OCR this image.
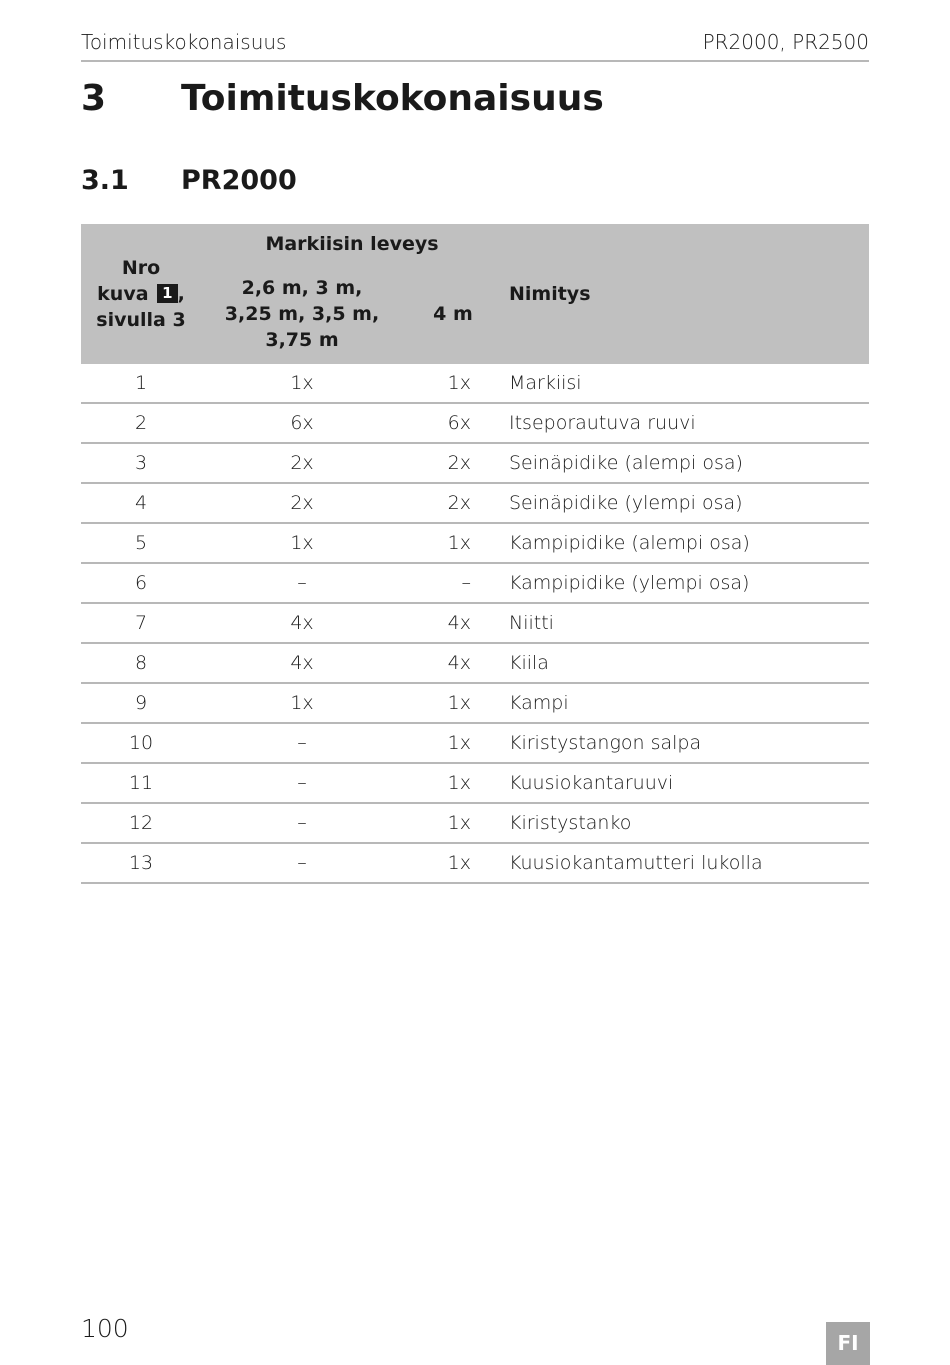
Toimituskokonaisuus	PR2000, PR2500
3 Toimituskokonaisuus
3.1 PR2000
Nro
kuva 1 ,
sivulla 3	Markiisin leveys		Nimitys
	2,6 m, 3 m,
3,25 m, 3,5 m,
3,75 m	4 m	
1	1x	1x	Markiisi
2	6x	6x	Itseporautuva ruuvi
3	2x	2x	Seinäpidike (alempi osa)
4	2x	2x	Seinäpidike (ylempi osa)
5	1x	1x	Kampipidike (alempi osa)
6	–	–	Kampipidike (ylempi osa)
7	4x	4x	Niitti
8	4x	4x	Kiila
9	1x	1x	Kampi
10	–	1x	Kiristystangon salpa
11	–	1x	Kuusiokantaruuvi
12	–	1x	Kiristystanko
13	–	1x	Kuusiokantamutteri lukolla
100	FI
